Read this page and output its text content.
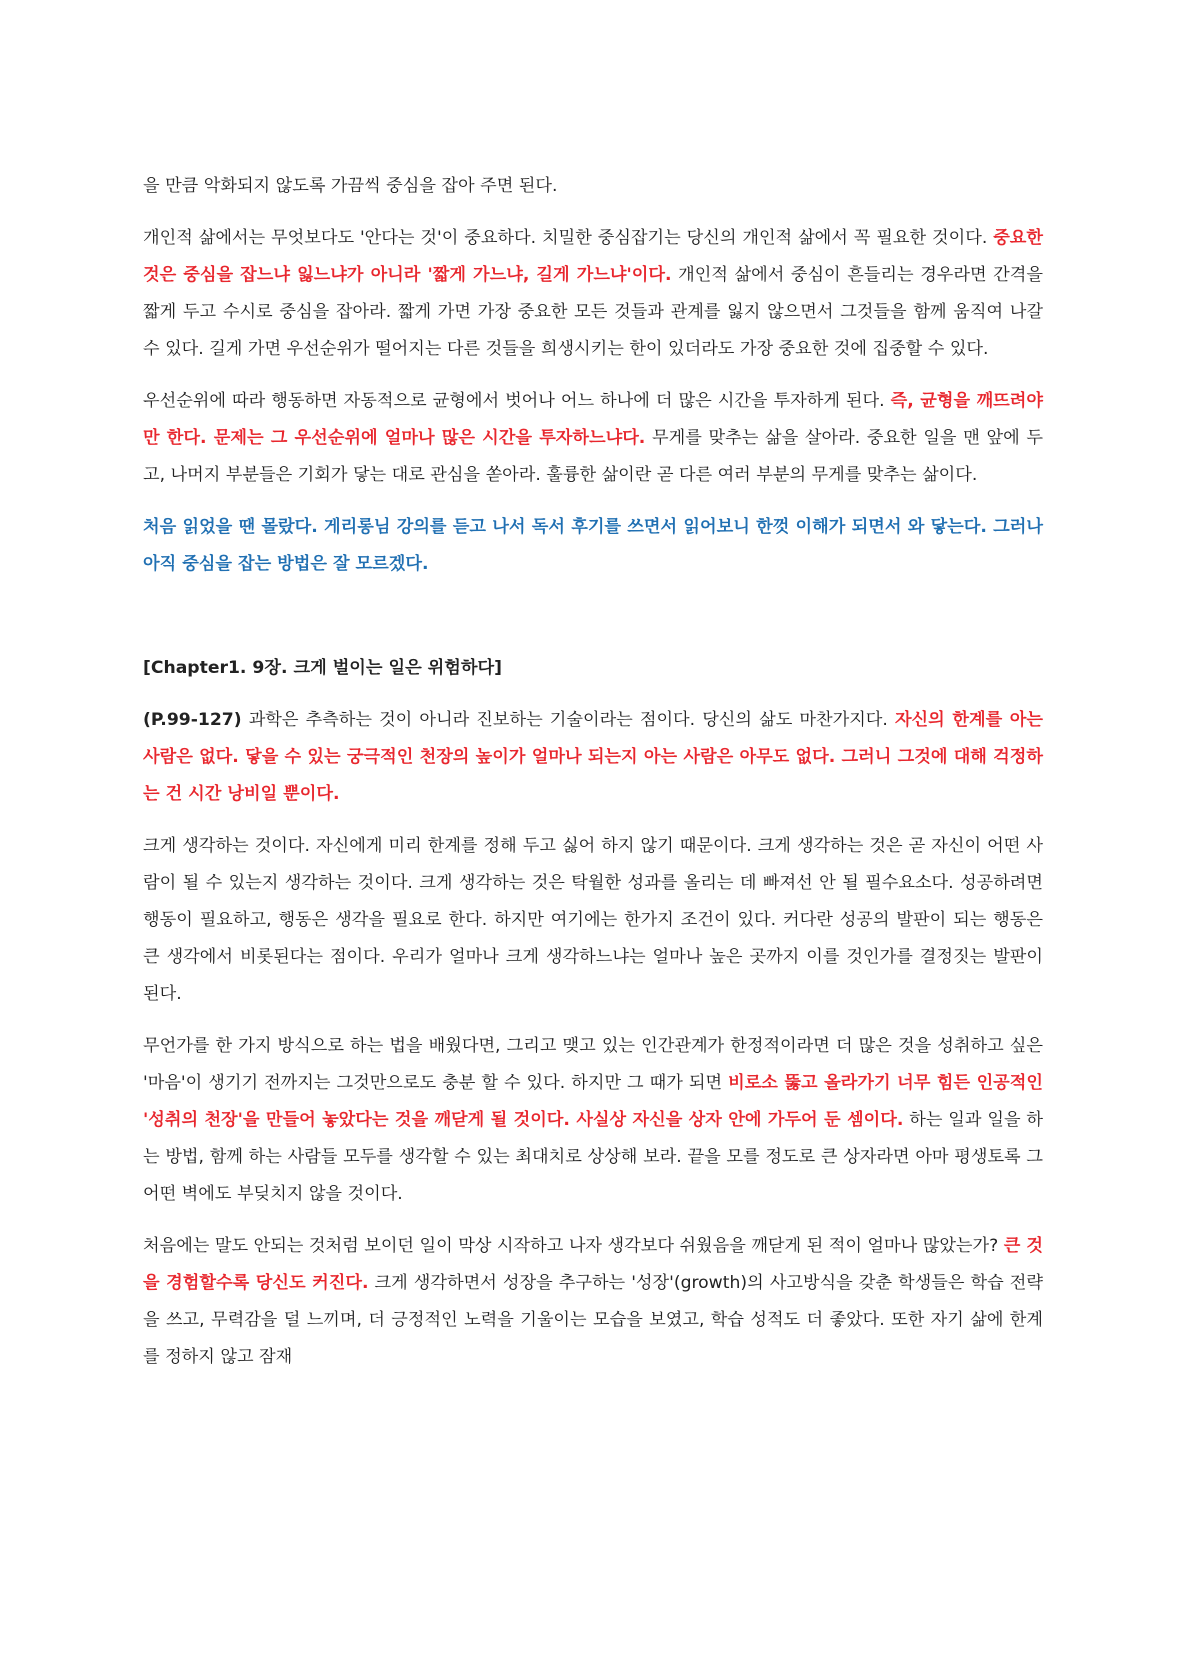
을 만큼 악화되지 않도록 가끔씩 중심을 잡아 주면 된다.

개인적 삶에서는 무엇보다도 '안다는 것'이 중요하다. 치밀한 중심잡기는 당신의 개인적 삶에서 꼭 필요한 것이다. 중요한 것은 중심을 잡느냐 잃느냐가 아니라 '짧게 가느냐, 길게 가느냐'이다. 개인적 삶에서 중심이 흔들리는 경우라면 간격을 짧게 두고 수시로 중심을 잡아라. 짧게 가면 가장 중요한 모든 것들과 관계를 잃지 않으면서 그것들을 함께 움직여 나갈 수 있다. 길게 가면 우선순위가 떨어지는 다른 것들을 희생시키는 한이 있더라도 가장 중요한 것에 집중할 수 있다.

우선순위에 따라 행동하면 자동적으로 균형에서 벗어나 어느 하나에 더 많은 시간을 투자하게 된다. 즉, 균형을 깨뜨려야만 한다. 문제는 그 우선순위에 얼마나 많은 시간을 투자하느냐다. 무게를 맞추는 삶을 살아라. 중요한 일을 맨 앞에 두고, 나머지 부분들은 기회가 닿는 대로 관심을 쏟아라. 훌륭한 삶이란 곧 다른 여러 부분의 무게를 맞추는 삶이다.

처음 읽었을 땐 몰랐다. 게리롱님 강의를 듣고 나서 독서 후기를 쓰면서 읽어보니 한껏 이해가 되면서 와 닿는다. 그러나 아직 중심을 잡는 방법은 잘 모르겠다.

[Chapter1. 9장. 크게 벌이는 일은 위험하다]

(P.99-127) 과학은 추측하는 것이 아니라 진보하는 기술이라는 점이다. 당신의 삶도 마찬가지다. 자신의 한계를 아는 사람은 없다. 닿을 수 있는 궁극적인 천장의 높이가 얼마나 되는지 아는 사람은 아무도 없다. 그러니 그것에 대해 걱정하는 건 시간 낭비일 뿐이다.

크게 생각하는 것이다. 자신에게 미리 한계를 정해 두고 싫어 하지 않기 때문이다. 크게 생각하는 것은 곧 자신이 어떤 사람이 될 수 있는지 생각하는 것이다. 크게 생각하는 것은 탁월한 성과를 올리는 데 빠져선 안 될 필수요소다. 성공하려면 행동이 필요하고, 행동은 생각을 필요로 한다. 하지만 여기에는 한가지 조건이 있다. 커다란 성공의 발판이 되는 행동은 큰 생각에서 비롯된다는 점이다. 우리가 얼마나 크게 생각하느냐는 얼마나 높은 곳까지 이를 것인가를 결정짓는 발판이 된다.

무언가를 한 가지 방식으로 하는 법을 배웠다면, 그리고 맺고 있는 인간관계가 한정적이라면 더 많은 것을 성취하고 싶은 '마음'이 생기기 전까지는 그것만으로도 충분 할 수 있다. 하지만 그 때가 되면 비로소 뚫고 올라가기 너무 힘든 인공적인 '성취의 천장'을 만들어 놓았다는 것을 깨닫게 될 것이다. 사실상 자신을 상자 안에 가두어 둔 셈이다. 하는 일과 일을 하는 방법, 함께 하는 사람들 모두를 생각할 수 있는 최대치로 상상해 보라. 끝을 모를 정도로 큰 상자라면 아마 평생토록 그 어떤 벽에도 부딪치지 않을 것이다.

처음에는 말도 안되는 것처럼 보이던 일이 막상 시작하고 나자 생각보다 쉬웠음을 깨닫게 된 적이 얼마나 많았는가? 큰 것을 경험할수록 당신도 커진다. 크게 생각하면서 성장을 추구하는 '성장'(growth)의 사고방식을 갖춘 학생들은 학습 전략을 쓰고, 무력감을 덜 느끼며, 더 긍정적인 노력을 기울이는 모습을 보였고, 학습 성적도 더 좋았다. 또한 자기 삶에 한계를 정하지 않고 잠재
